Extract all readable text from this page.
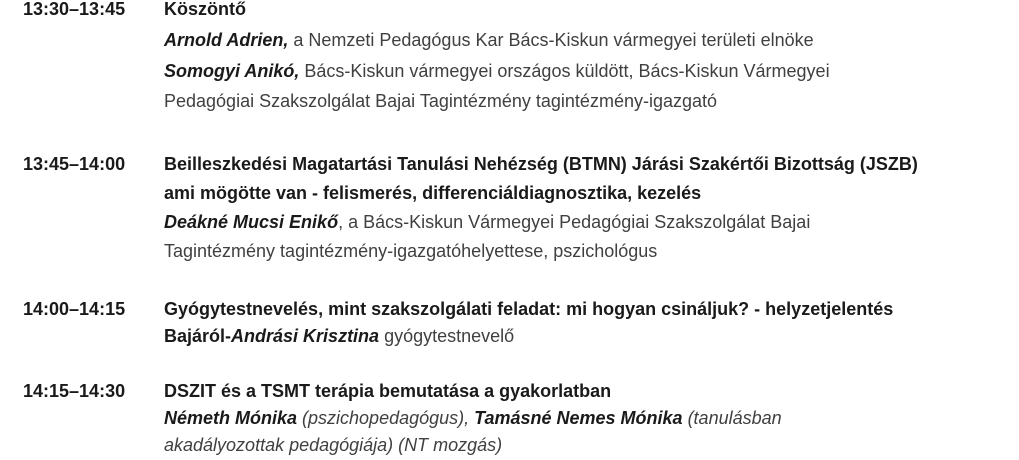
13:30–13:45 Köszöntő
Arnold Adrien, a Nemzeti Pedagógus Kar Bács-Kiskun vármegyei területi elnöke
Somogyi Anikó, Bács-Kiskun vármegyei országos küldött, Bács-Kiskun Vármegyei
Pedagógiai Szakszolgálat Bajai Tagintézmény tagintézmény-igazgató
13:45–14:00 Beilleszkedési Magatartási Tanulási Nehézség (BTMN) Járási Szakértői Bizottság (JSZB)
ami mögötte van - felismerés, differenciáldiagnosztika, kezelés
Deákné Mucsi Enikő, a Bács-Kiskun Vármegyei Pedagógiai Szakszolgálat Bajai
Tagintézmény tagintézmény-igazgatóhelyettese, pszichológus
14:00–14:15 Gyógytestnevelés, mint szakszolgálati feladat: mi hogyan csináljuk? - helyzetjelentés
Bajáról-Andrási Krisztina gyógytestnevelő
14:15–14:30 DSZIT és a TSMT terápia bemutatása a gyakorlatban
Németh Mónika (pszichopedagógus), Tamásné Nemes Mónika (tanulásban
akadályozottak pedagógiája) (NT mozgás)
